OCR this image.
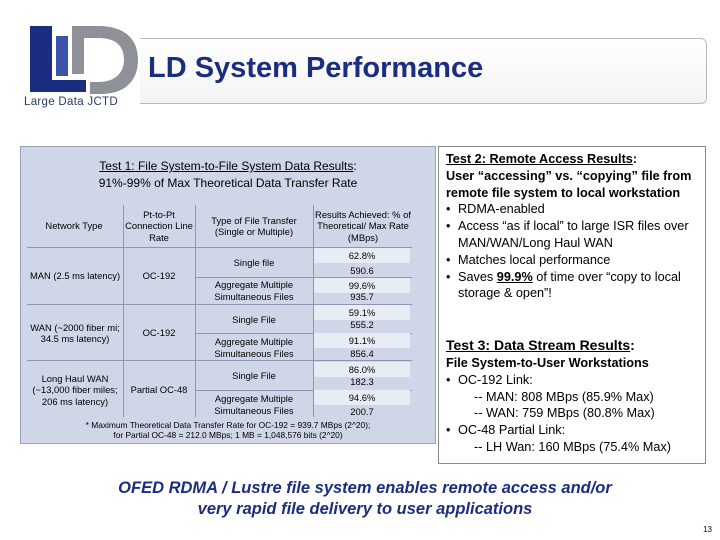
Large Data JCTD
LD System Performance
Test 1: File System-to-File System Data Results:
91%-99% of Max Theoretical Data Transfer Rate
Network Type
Pt-to-Pt Connection Line Rate
Type of File Transfer (Single or Multiple)
Results Achieved: % of Theoretical/ Max Rate (MBps)
MAN (2.5 ms latency)	OC-192
Single file
Aggregate Multiple Simultaneous Files
62.8%
590.6
99.6%
935.7
WAN (~2000 fiber mi; 34.5 ms latency)
OC-192
Single File
Aggregate Multiple Simultaneous Files
59.1%
555.2
91.1%
856.4
Long Haul WAN (~13,000 fiber miles; 206 ms latency)
Partial OC-48
Single File
Aggregate Multiple Simultaneous Files
86.0%
182.3
94.6%
200.7
* Maximum Theoretical Data Transfer Rate for OC-192 = 939.7 MBps (2^20);
for Partial OC-48 = 212.0 MBps; 1 MB = 1,048,576 bits (2^20)
Test 2: Remote Access Results:
User “accessing” vs. “copying” file from remote file system to local workstation
• RDMA-enabled
• Access “as if local” to large ISR files over MAN/WAN/Long Haul WAN
• Matches local performance
• Saves 99.9% of time over “copy to local storage & open”!
Test 3: Data Stream Results:
File System-to-User Workstations
• OC-192 Link:
-- MAN: 808 MBps (85.9% Max)
-- WAN: 759 MBps (80.8% Max)
• OC-48 Partial Link:
-- LH Wan: 160 MBps (75.4% Max)
OFED RDMA / Lustre file system enables remote access and/or
very rapid file delivery to user applications
13
